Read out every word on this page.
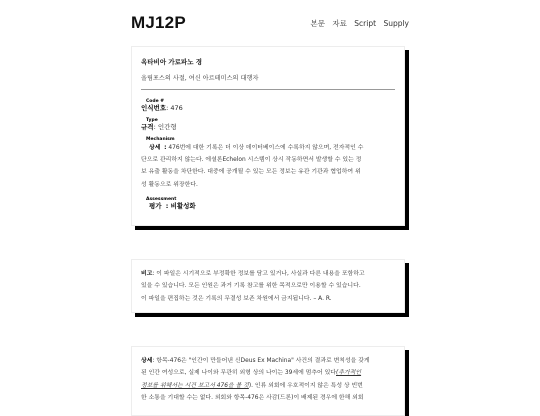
MJ12P	본문 자료 Script Supply
옥타비아 가로파노 경
올림포스의 사절, 여신 아르테미스의 대행자
Code #
인식번호: 476
Type
규격: 인간형
Mechanism
상세 : 476번에 대한 기록은 더 이상 데이터베이스에 수록하지 않으며, 전자적인 수
단으로 관리하지 않는다. 에셜론Echelon 시스템이 상시 작동하면서 발생할 수 있는 정
보 유출 활동을 차단한다. 대중에 공개될 수 있는 모든 정보는 유관 기관과 협업하여 위
성 활동으로 위장한다.
Assessment
평가 : 비활성화

비고: 이 파일은 시기적으로 부정확한 정보를 담고 있거나, 사실과 다른 내용을 포함하고

있을 수 있습니다. 모든 인원은 과거 기록 참고를 위한 목적으로만 이용할 수 있습니다.

이 파일을 편집하는 것은 기록의 무결성 보존 차원에서 금지됩니다. – A. R.

상세: 항목-476은 "인간이 만들어낸 신Deus Ex Machina" 사건의 결과로 변칙성을 갖게

된 인간 여성으로, 실제 나이와 무관히 외형 상의 나이는 39세에 멈추어 있다(추가적인

정보를 위해서는 시건 보고서 476을 볼 것). 인류 외회에 우호적이지 않은 특성 상 빈번

한 소통을 기대할 수는 없다. 외회와 항목-476은 사감(드론)이 배제된 경우에 한해 외회
